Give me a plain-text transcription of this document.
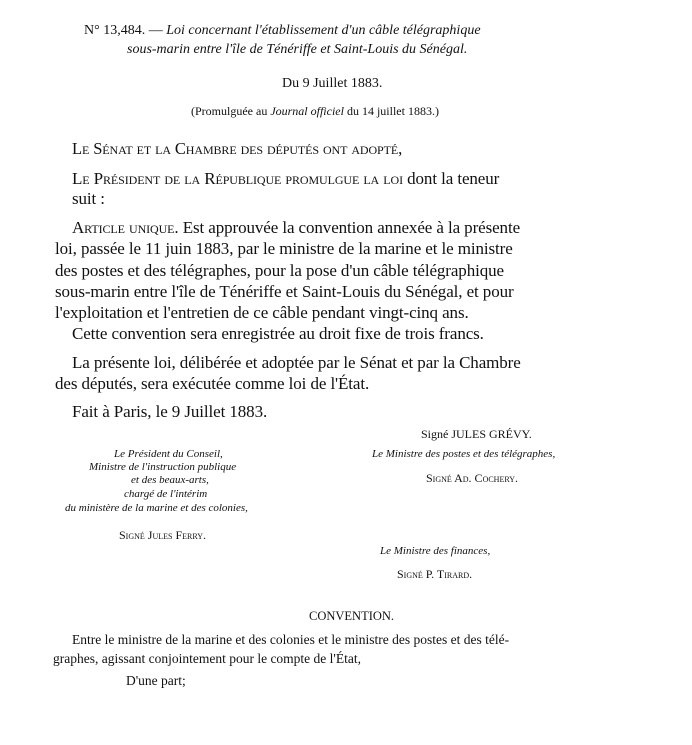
N° 13,484. — Loi concernant l'établissement d'un câble télégraphique
sous-marin entre l'île de Ténériffe et Saint-Louis du Sénégal.
Du 9 Juillet 1883.
(Promulguée au Journal officiel du 14 juillet 1883.)
Le Sénat et la Chambre des députés ont adopté,
Le Président de la République promulgue la loi dont la teneur
suit :
Article unique. Est approuvée la convention annexée à la présente
loi, passée le 11 juin 1883, par le ministre de la marine et le ministre
des postes et des télégraphes, pour la pose d'un câble télégraphique
sous-marin entre l'île de Ténériffe et Saint-Louis du Sénégal, et pour
l'exploitation et l'entretien de ce câble pendant vingt-cinq ans.
Cette convention sera enregistrée au droit fixe de trois francs.
La présente loi, délibérée et adoptée par le Sénat et par la Chambre
des députés, sera exécutée comme loi de l'État.
Fait à Paris, le 9 Juillet 1883.
Signé JULES GRÉVY.
Le Ministre des postes et des télégraphes,
Signé Ad. Cochery.
Le Président du Conseil,
Ministre de l'instruction publique
et des beaux-arts,
chargé de l'intérim
du ministère de la marine et des colonies,
Signé Jules Ferry.
Le Ministre des finances,
Signé P. Tirard.
CONVENTION.
Entre le ministre de la marine et des colonies et le ministre des postes et des télé-
graphes, agissant conjointement pour le compte de l'État,
D'une part;
